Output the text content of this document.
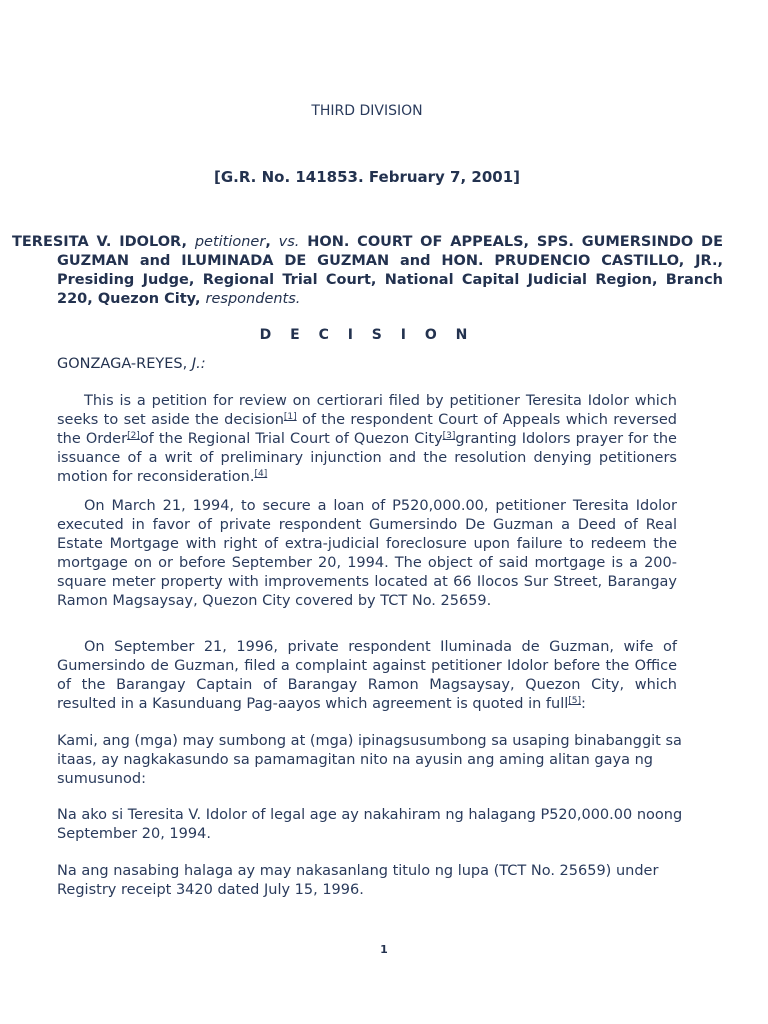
THIRD DIVISION
[G.R. No. 141853. February 7, 2001]
TERESITA V. IDOLOR, petitioner, vs. HON. COURT OF APPEALS, SPS. GUMERSINDO DE GUZMAN and ILUMINADA DE GUZMAN and HON. PRUDENCIO CASTILLO, JR., Presiding Judge, Regional Trial Court, National Capital Judicial Region, Branch 220, Quezon City, respondents.
D E C I S I O N
GONZAGA-REYES, J.:

This is a petition for review on certiorari filed by petitioner Teresita Idolor which seeks to set aside the decision[1] of the respondent Court of Appeals which reversed the Order[2]of the Regional Trial Court of Quezon City[3]granting Idolors prayer for the issuance of a writ of preliminary injunction and the resolution denying petitioners motion for reconsideration.[4]

On March 21, 1994, to secure a loan of P520,000.00, petitioner Teresita Idolor executed in favor of private respondent Gumersindo De Guzman a Deed of Real Estate Mortgage with right of extra-judicial foreclosure upon failure to redeem the mortgage on or before September 20, 1994. The object of said mortgage is a 200-square meter property with improvements located at 66 Ilocos Sur Street, Barangay Ramon Magsaysay, Quezon City covered by TCT No. 25659.

On September 21, 1996, private respondent Iluminada de Guzman, wife of Gumersindo de Guzman, filed a complaint against petitioner Idolor before the Office of the Barangay Captain of Barangay Ramon Magsaysay, Quezon City, which resulted in a Kasunduang Pag-aayos which agreement is quoted in full[5]:

Kami, ang (mga) may sumbong at (mga) ipinagsusumbong sa usaping binabanggit sa itaas, ay nagkakasundo sa pamamagitan nito na ayusin ang aming alitan gaya ng sumusunod:
Na ako si Teresita V. Idolor of legal age ay nakahiram ng halagang P520,000.00 noong September 20, 1994.
Na ang nasabing halaga ay may nakasanlang titulo ng lupa (TCT No. 25659) under Registry receipt 3420 dated July 15, 1996.
1
